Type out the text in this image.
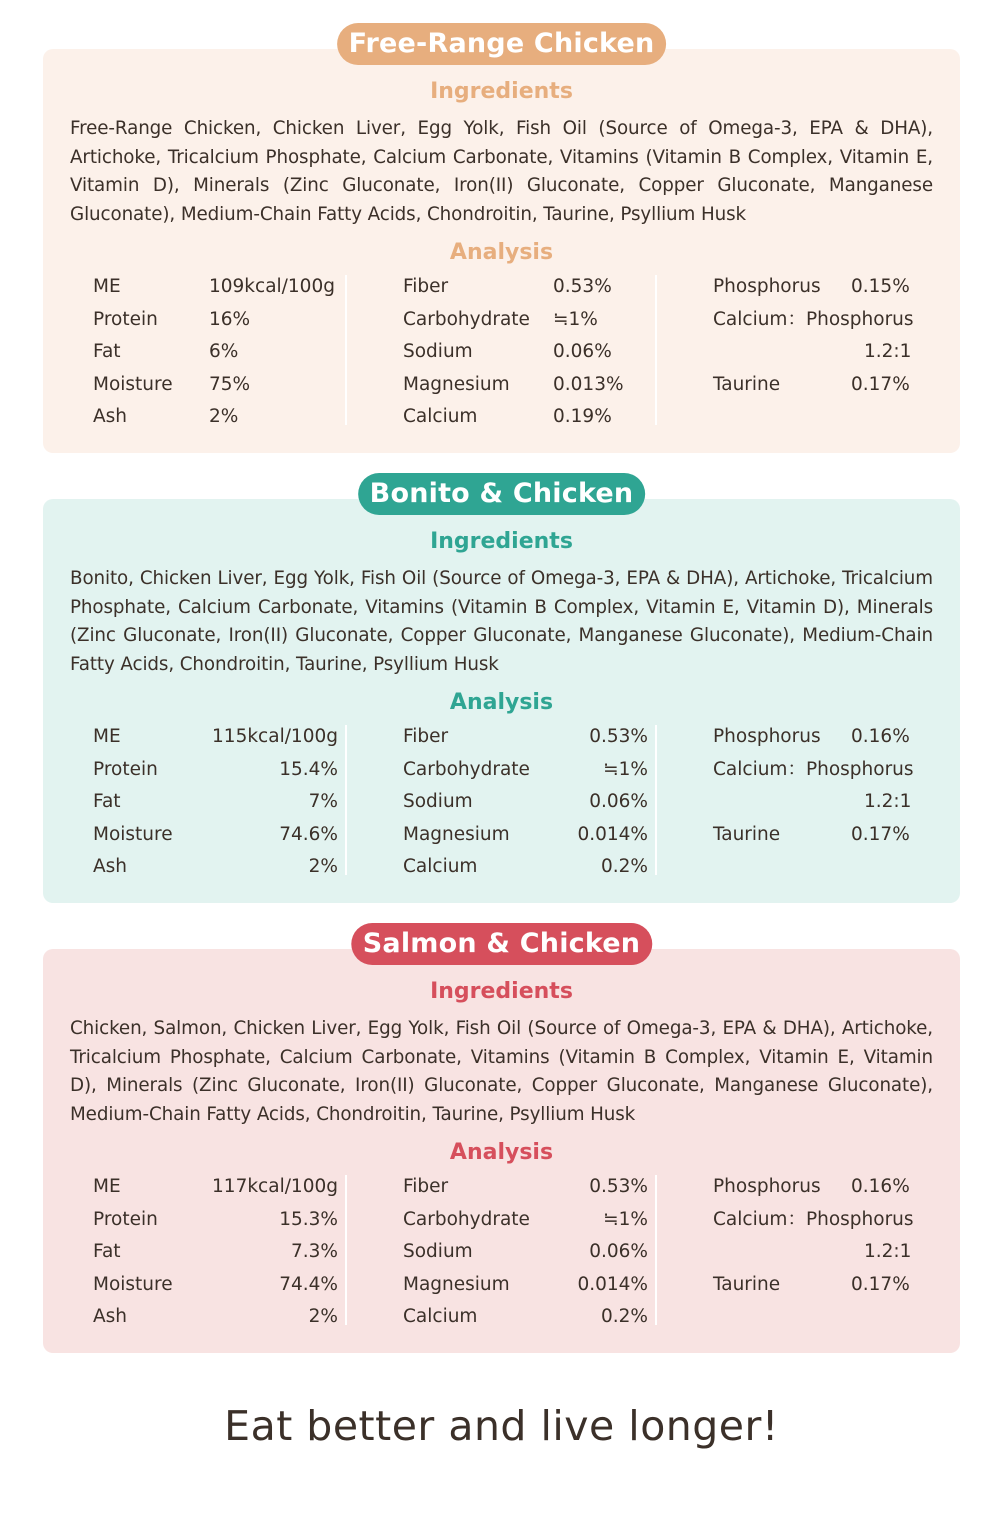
Free-Range Chicken
Ingredients
Free-Range Chicken, Chicken Liver, Egg Yolk, Fish Oil (Source of Omega-3, EPA & DHA), Artichoke, Tricalcium Phosphate, Calcium Carbonate, Vitamins (Vitamin B Complex, Vitamin E, Vitamin D), Minerals (Zinc Gluconate, Iron(II) Gluconate, Copper Gluconate, Manganese Gluconate), Medium-Chain Fatty Acids, Chondroitin, Taurine, Psyllium Husk
Analysis
ME	109kcal/100g
Protein	16%
Fat	6%
Moisture 75%
Ash	2%
Fiber	0.53%
Carbohydrate ≒1%
Sodium	0.06%
Magnesium 0.013%
Calcium	0.19%
Phosphorus 0.15%
Calcium：Phosphorus
1.2:1
Taurine	0.17%
Bonito & Chicken
Ingredients
Bonito, Chicken Liver, Egg Yolk, Fish Oil (Source of Omega-3, EPA & DHA), Artichoke, Tricalcium Phosphate, Calcium Carbonate, Vitamins (Vitamin B Complex, Vitamin E, Vitamin D), Minerals (Zinc Gluconate, Iron(II) Gluconate, Copper Gluconate, Manganese Gluconate), Medium-Chain Fatty Acids, Chondroitin, Taurine, Psyllium Husk
Analysis
ME	115kcal/100g
Protein	15.4%
Fat	7%
Moisture	74.6%
Ash	2%
Fiber	0.53%
Carbohydrate	≒1%
Sodium	0.06%
Magnesium	0.014%
Calcium	0.2%
Phosphorus 0.16%
Calcium：Phosphorus
1.2:1
Taurine	0.17%
Salmon & Chicken
Ingredients
Chicken, Salmon, Chicken Liver, Egg Yolk, Fish Oil (Source of Omega-3, EPA & DHA), Artichoke, Tricalcium Phosphate, Calcium Carbonate, Vitamins (Vitamin B Complex, Vitamin E, Vitamin D), Minerals (Zinc Gluconate, Iron(II) Gluconate, Copper Gluconate, Manganese Gluconate), Medium-Chain Fatty Acids, Chondroitin, Taurine, Psyllium Husk
Analysis
ME	117kcal/100g
Protein	15.3%
Fat	7.3%
Moisture	74.4%
Ash	2%
Fiber	0.53%
Carbohydrate	≒1%
Sodium	0.06%
Magnesium	0.014%
Calcium	0.2%
Phosphorus 0.16%
Calcium：Phosphorus
1.2:1
Taurine	0.17%
Eat better and live longer!
